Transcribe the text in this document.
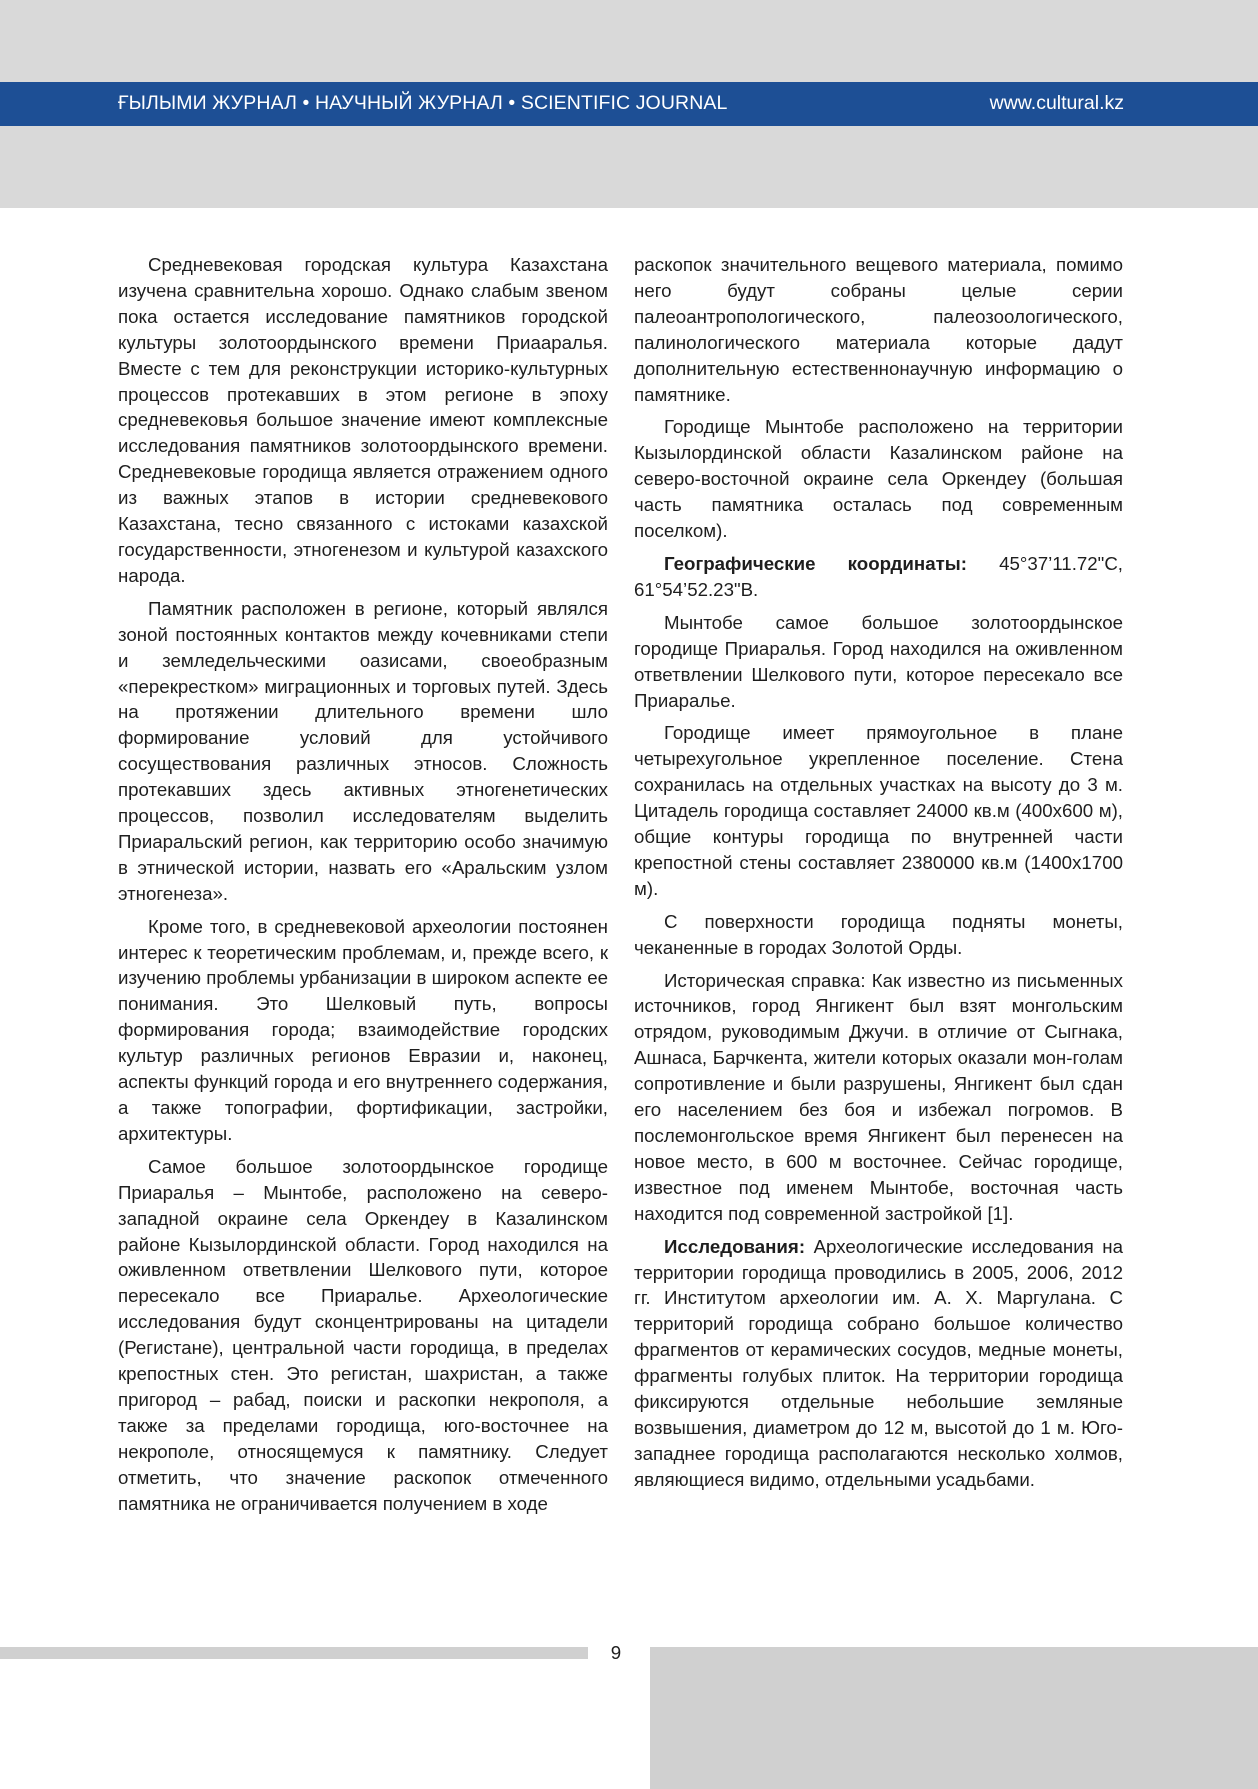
ҒЫЛЫМИ ЖУРНАЛ • НАУЧНЫЙ ЖУРНАЛ • SCIENTIFIC JOURNAL	www.cultural.kz

Средневековая городская культура Казахстана изучена сравнительна хорошо. Однако слабым звеном пока остается исследование памятников городской культуры золотоордынского времени Приааралья. Вместе с тем для реконструкции историко-культурных процессов протекавших в этом регионе в эпоху средневековья большое значение имеют комплексные исследования памятников золотоордынского времени. Средневековые городища является отражением одного из важных этапов в истории средневекового Казахстана, тесно связанного с истоками казахской государственности, этногенезом и культурой казахского народа.

Памятник расположен в регионе, который являлся зоной постоянных контактов между кочевниками степи и земледельческими оазисами, своеобразным «перекрестком» миграционных и торговых путей. Здесь на протяжении длительного времени шло формирование условий для устойчивого сосуществования различных этносов. Сложность протекавших здесь активных этногенетических процессов, позволил исследователям выделить Приаральский регион, как территорию особо значимую в этнической истории, назвать его «Аральским узлом этногенеза».

Кроме того, в средневековой археологии постоянен интерес к теоретическим проблемам, и, прежде всего, к изучению проблемы урбанизации в широком аспекте ее понимания. Это Шелковый путь, вопросы формирования города; взаимодействие городских культур различных регионов Евразии и, наконец, аспекты функций города и его внутреннего содержания, а также топографии, фортификации, застройки, архитектуры.

Самое большое золотоордынское городище Приаралья – Мынтобе, расположено на северо-западной окраине села Оркендеу в Казалинском районе Кызылординской области. Город находился на оживленном ответвлении Шелкового пути, которое пересекало все Приаралье. Археологические исследования будут сконцентрированы на цитадели (Регистане), центральной части городища, в пределах крепостных стен. Это регистан, шахристан, а также пригород – рабад, поиски и раскопки некрополя, а также за пределами городища, юго-восточнее на некрополе, относящемуся к памятнику. Следует отметить, что значение раскопок отмеченного памятника не ограничивается получением в ходе

раскопок значительного вещевого материала, помимо него будут собраны целые серии палеоантропологического, палеозоологического, палинологического материала которые дадут дополнительную естественнонаучную информацию о памятнике.

Городище Мынтобе расположено на территории Кызылординской области Казалинском районе на северо-восточной окраине села Оркендеу (большая часть памятника осталась под современным поселком).

Географические координаты: 45°37’11.72"С, 61°54’52.23"В.

Мынтобе самое большое золотоордынское городище Приаралья. Город находился на оживленном ответвлении Шелкового пути, которое пересекало все Приаралье.

Городище имеет прямоугольное в плане четырехугольное укрепленное поселение. Стена сохранилась на отдельных участках на высоту до 3 м. Цитадель городища составляет 24000 кв.м (400х600 м), общие контуры городища по внутренней части крепостной стены составляет 2380000 кв.м (1400х1700 м).

С поверхности городища подняты монеты, чеканенные в городах Золотой Орды.

Историческая справка: Как известно из письменных источников, город Янгикент был взят монгольским отрядом, руководимым Джучи. в отличие от Сыгнака, Ашнаса, Барчкента, жители которых оказали мон-голам сопротивление и были разрушены, Янгикент был сдан его населением без боя и избежал погромов. В послемонгольское время Янгикент был перенесен на новое место, в 600 м восточнее. Сейчас городище, известное под именем Мынтобе, восточная часть находится под современной застройкой [1].

Исследования: Археологические исследования на территории городища проводились в 2005, 2006, 2012 гг. Институтом археологии им. А. Х. Маргулана. С территорий городища собрано большое количество фрагментов от керамических сосудов, медные монеты, фрагменты голубых плиток. На территории городища фиксируются отдельные небольшие земляные возвышения, диаметром до 12 м, высотой до 1 м. Юго-западнее городища располагаются несколько холмов, являющиеся видимо, отдельными усадьбами.

9
